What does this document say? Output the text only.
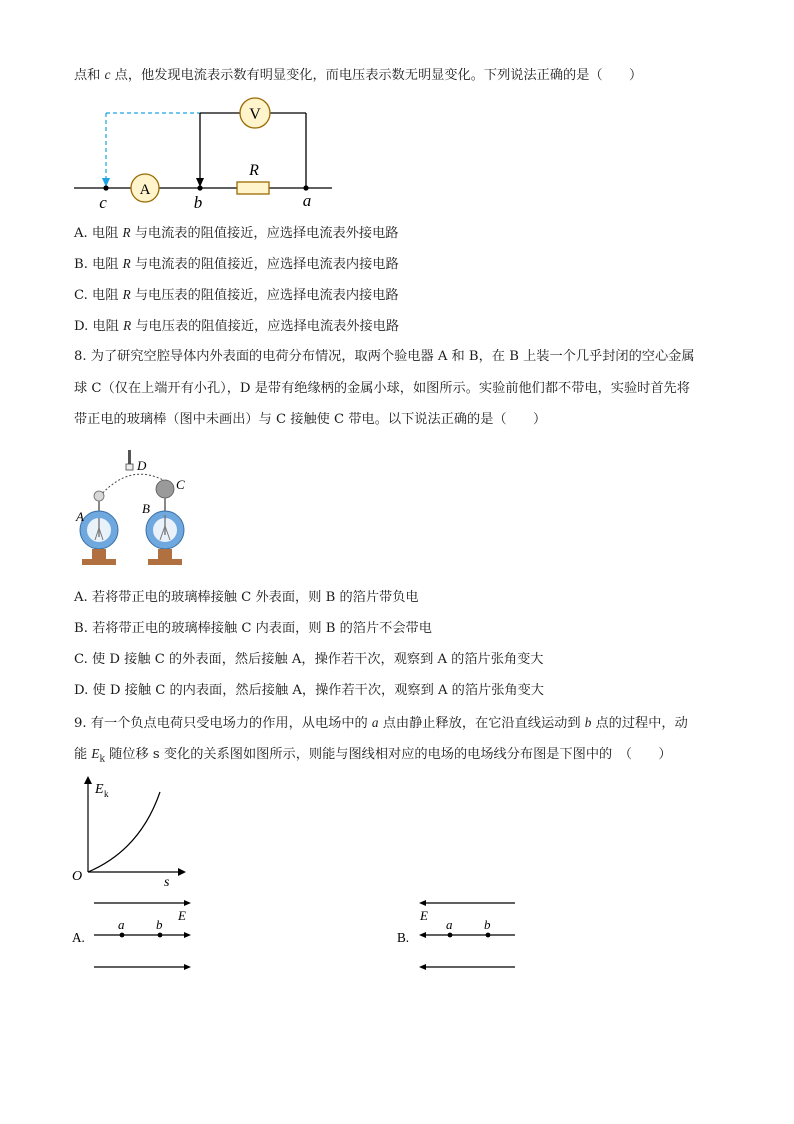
点和 c 点，他发现电流表示数有明显变化，而电压表示数无明显变化。下列说法正确的是（　　）
V
A
R
c	b	a
A. 电阻 R 与电流表的阻值接近，应选择电流表外接电路
B. 电阻 R 与电流表的阻值接近，应选择电流表内接电路
C. 电阻 R 与电压表的阻值接近，应选择电流表内接电路
D. 电阻 R 与电压表的阻值接近，应选择电流表外接电路
8. 为了研究空腔导体内外表面的电荷分布情况，取两个验电器 A 和 B，在 B 上装一个几乎封闭的空心金属
球 C（仅在上端开有小孔），D 是带有绝缘柄的金属小球，如图所示。实验前他们都不带电，实验时首先将
带正电的玻璃棒（图中未画出）与 C 接触使 C 带电。以下说法正确的是（　　）
D
A
B
C
A. 若将带正电的玻璃棒接触 C 外表面，则 B 的箔片带负电
B. 若将带正电的玻璃棒接触 C 内表面，则 B 的箔片不会带电
C. 使 D 接触 C 的外表面，然后接触 A，操作若干次，观察到 A 的箔片张角变大
D. 使 D 接触 C 的内表面，然后接触 A，操作若干次，观察到 A 的箔片张角变大
9. 有一个负点电荷只受电场力的作用，从电场中的 a 点由静止释放，在它沿直线运动到 b 点的过程中，动
能 $E_k$ 随位移 s 变化的关系图如图所示，则能与图线相对应的电场的电场线分布图是下图中的　（　　）
E k
s
O
A.
a b
E
B.
a b
E
